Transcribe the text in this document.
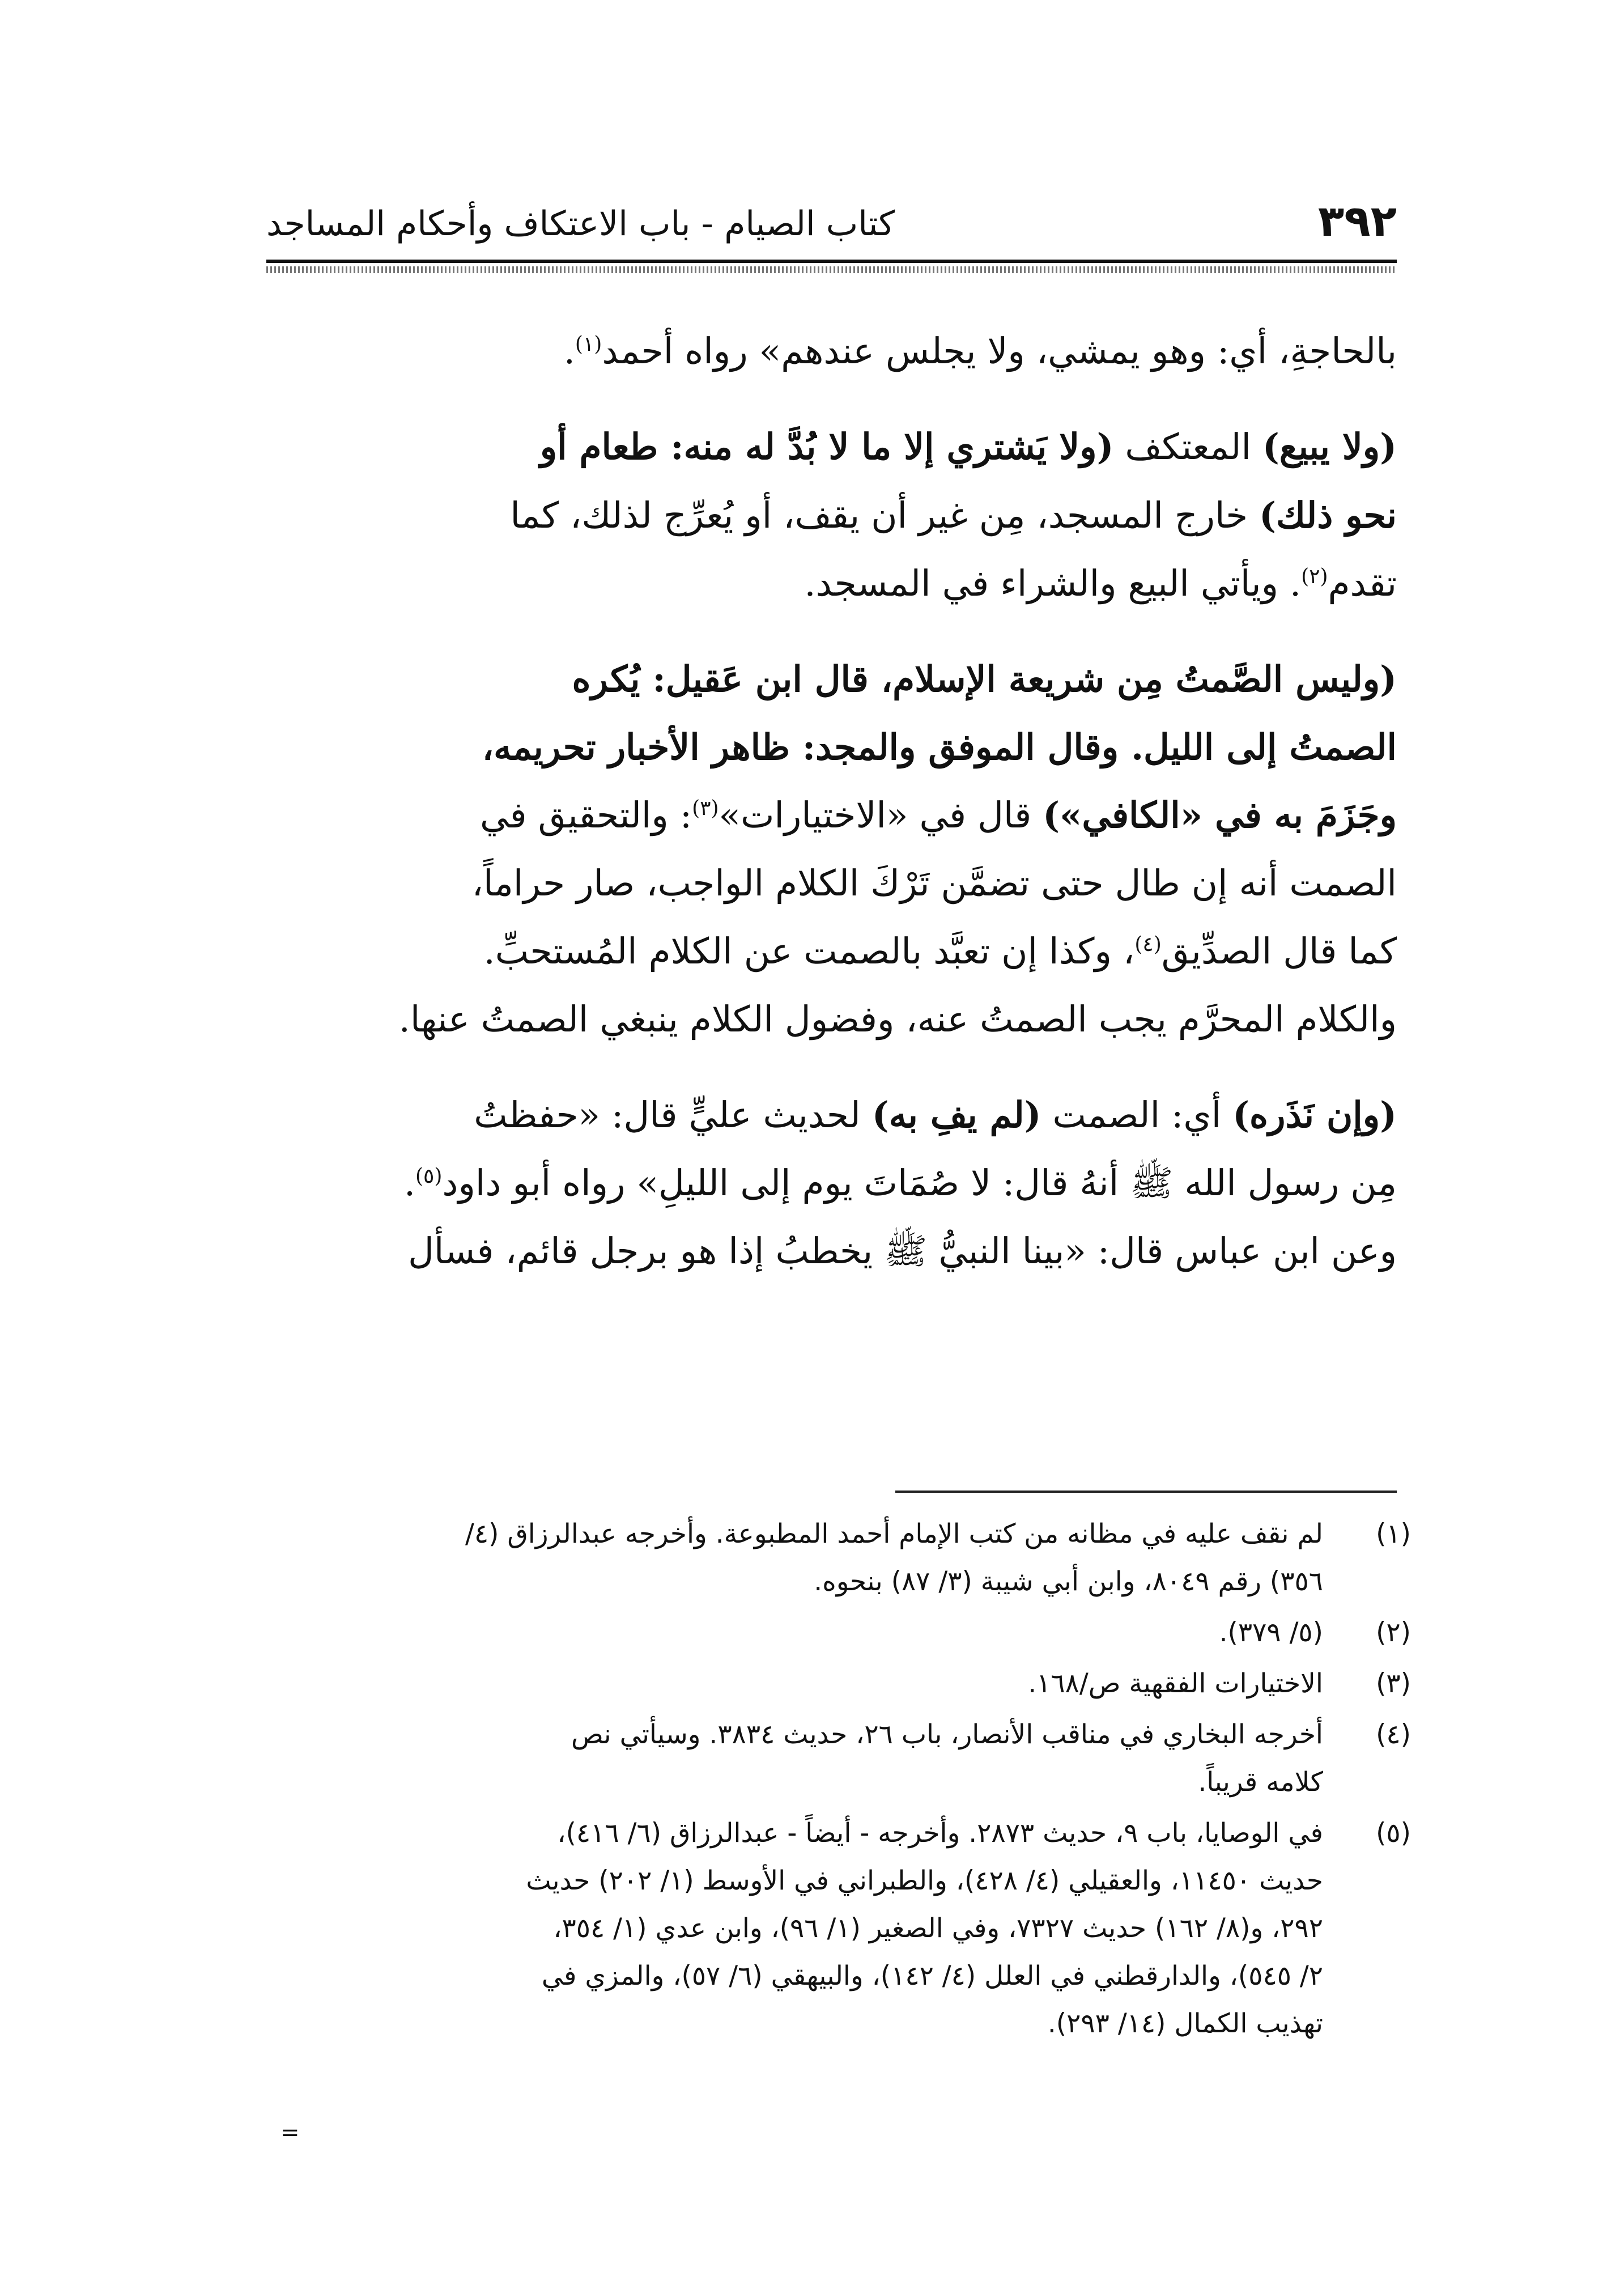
٣٩٢
كتاب الصيام - باب الاعتكاف وأحكام المساجد

بالحاجةِ، أي: وهو يمشي، ولا يجلس عندهم» رواه أحمد$^{(١)}$.

(ولا يبيع) المعتكف (ولا يَشتري إلا ما لا بُدَّ له منه: طعام أو
نحو ذلك) خارج المسجد، مِن غير أن يقف، أو يُعرِّج لذلك، كما
تقدم$^{(٢)}$. ويأتي البيع والشراء في المسجد.

(وليس الصَّمتُ مِن شريعة الإسلام، قال ابن عَقيل: يُكره
الصمتُ إلى الليل. وقال الموفق والمجد: ظاهر الأخبار تحريمه،
وجَزَمَ به في «الكافي») قال في «الاختيارات»$^{(٣)}$: والتحقيق في
الصمت أنه إن طال حتى تضمَّن تَرْكَ الكلام الواجب، صار حراماً،
كما قال الصدِّيق$^{(٤)}$، وكذا إن تعبَّد بالصمت عن الكلام المُستحبِّ.
والكلام المحرَّم يجب الصمتُ عنه، وفضول الكلام ينبغي الصمتُ عنها.

(وإن نَذَره) أي: الصمت (لم يفِ به) لحديث عليٍّ قال: «حفظتُ
مِن رسول الله ﷺ أنهُ قال: لا صُمَاتَ يوم إلى الليلِ» رواه أبو داود$^{(٥)}$.
وعن ابن عباس قال: «بينا النبيُّ ﷺ يخطبُ إذا هو برجل قائم، فسأل

(١)
لم نقف عليه في مظانه من كتب الإمام أحمد المطبوعة. وأخرجه عبدالرزاق (٤/
٣٥٦) رقم ٨٠٤٩، وابن أبي شيبة (٣/ ٨٧) بنحوه.
(٢)
(٥/ ٣٧٩).
(٣)
الاختيارات الفقهية ص/١٦٨.
(٤)
أخرجه البخاري في مناقب الأنصار، باب ٢٦، حديث ٣٨٣٤. وسيأتي نص
كلامه قريباً.
(٥)
في الوصايا، باب ٩، حديث ٢٨٧٣. وأخرجه - أيضاً - عبدالرزاق (٦/ ٤١٦)،
حديث ١١٤٥٠، والعقيلي (٤/ ٤٢٨)، والطبراني في الأوسط (١/ ٢٠٢) حديث
٢٩٢، و(٨/ ١٦٢) حديث ٧٣٢٧، وفي الصغير (١/ ٩٦)، وابن عدي (١/ ٣٥٤،
٢/ ٥٤٥)، والدارقطني في العلل (٤/ ١٤٢)، والبيهقي (٦/ ٥٧)، والمزي في
تهذيب الكمال (١٤/ ٢٩٣).
=
